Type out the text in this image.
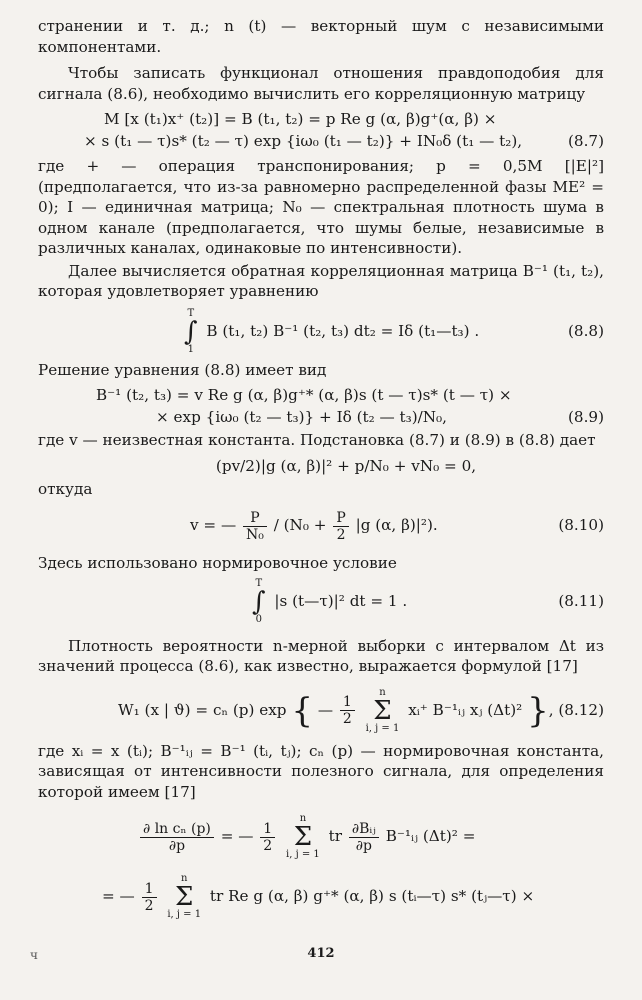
странении и т. д.; n (t) — векторный шум с независимыми компонентами.

Чтобы записать функционал отношения правдоподобия для сигнала (8.6), необходимо вычислить его корреляционную матрицу

M [x (t₁)x⁺ (t₂)] = B (t₁, t₂) = p Re g (α, β)g⁺(α, β) ×
× s (t₁ — τ)s* (t₂ — τ) exp {iω₀ (t₁ — t₂)} + IN₀δ (t₁ — t₂),	(8.7)

где + — операция транспонирования; p = 0,5M [|E|²] (предполагается, что из-за равномерно распределенной фазы ME² = 0); I — единичная матрица; N₀ — спектральная плотность шума в одном канале (предполагается, что шумы белые, независимые в различных каналах, одинаковые по интенсивности).

Далее вычисляется обратная корреляционная матрица B⁻¹ (t₁, t₂), которая удовлетворяет уравнению

T
∫
1
B (t₁, t₂) B⁻¹ (t₂, t₃) dt₂ = Iδ (t₁—t₃) .	(8.8)

Решение уравнения (8.8) имеет вид

B⁻¹ (t₂, t₃) = v Re g (α, β)g⁺* (α, β)s (t — τ)s* (t — τ) ×
× exp {iω₀ (t₂ — t₃)} + Iδ (t₂ — t₃)/N₀,	(8.9)

где v — неизвестная константа. Подстановка (8.7) и (8.9) в (8.8) дает

(pv/2)|g (α, β)|² + p/N₀ + vN₀ = 0,

откуда

v = — $\frac{P}{\text{N₀}} / (N_0 + \frac{P}{2} |g$ (α, β)|²).	(8.10)

Здесь использовано нормировочное условие

T
∫
0
|s (t—τ)|² dt = 1 .	(8.11)

Плотность вероятности n-мерной выборки с интервалом Δt из значений процесса (8.6), как известно, выражается формулой [17]

W₁ (x | ϑ) = cₙ (p) exp { — $\frac{1}{2}$

n
Σ
i, j = 1
xᵢ⁺ B⁻¹ᵢⱼ xⱼ (Δt)² }, (8.12)

где xᵢ = x (tᵢ); B⁻¹ᵢⱼ = B⁻¹ (tᵢ, tⱼ); cₙ (p) — нормировочная константа, зависящая от интенсивности полезного сигнала, для определения которой имеем [17]

$\frac{\text{∂ ln cₙ (p)}}{\partial p}$ = — $\frac{1}{2}$

n
Σ
i, j = 1
tr $\frac{\text{∂Bᵢⱼ}}{\partial p}$ B⁻¹ᵢⱼ (Δt)² =
= — $\frac{1}{2}$

n
Σ
i, j = 1
tr Re g (α, β) g⁺* (α, β) s (tᵢ—τ) s* (tⱼ—τ) ×
ч	412
